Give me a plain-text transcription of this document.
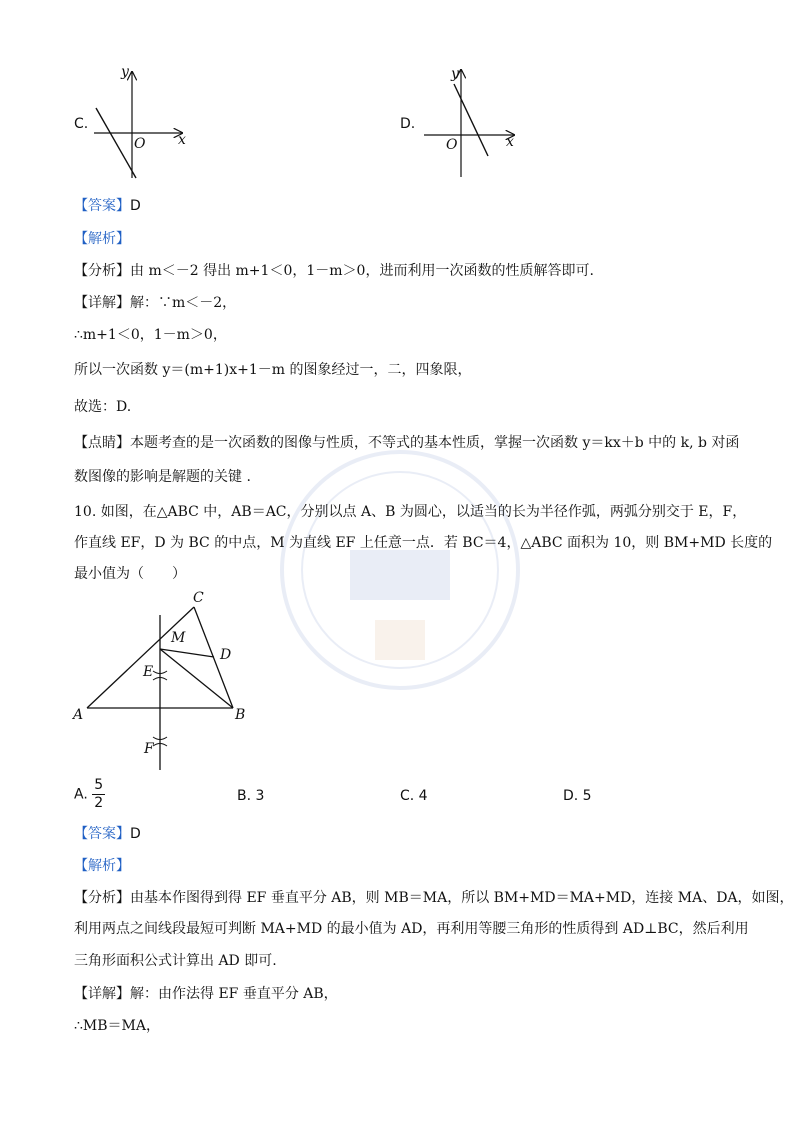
C.
y
x
O
D.
y
x
O
【答案】D
【解析】
【分析】由 m＜－2 得出 m+1＜0，1－m＞0，进而利用一次函数的性质解答即可.
【详解】解：∵m＜－2，
∴m+1＜0，1－m＞0，
所以一次函数 y＝(m+1)x+1－m 的图象经过一，二，四象限，
故选：D.
【点睛】本题考查的是一次函数的图像与性质，不等式的基本性质，掌握一次函数 y＝kx＋b 中的 k, b 对函
数图像的影响是解题的关键 .
10. 如图，在△ABC 中，AB＝AC，分别以点 A、B 为圆心，以适当的长为半径作弧，两弧分别交于 E，F，
作直线 EF，D 为 BC 的中点，M 为直线 EF 上任意一点．若 BC＝4，△ABC 面积为 10，则 BM+MD 长度的
最小值为（　　）
C
M
D
E
A	B
F
A. $\frac{5}{2}$	B. 3	C. 4	D. 5
【答案】D
【解析】
【分析】由基本作图得到得 EF 垂直平分 AB，则 MB＝MA，所以 BM+MD＝MA+MD，连接 MA、DA，如图，
利用两点之间线段最短可判断 MA+MD 的最小值为 AD，再利用等腰三角形的性质得到 AD⊥BC，然后利用
三角形面积公式计算出 AD 即可.
【详解】解：由作法得 EF 垂直平分 AB，
∴MB＝MA，
